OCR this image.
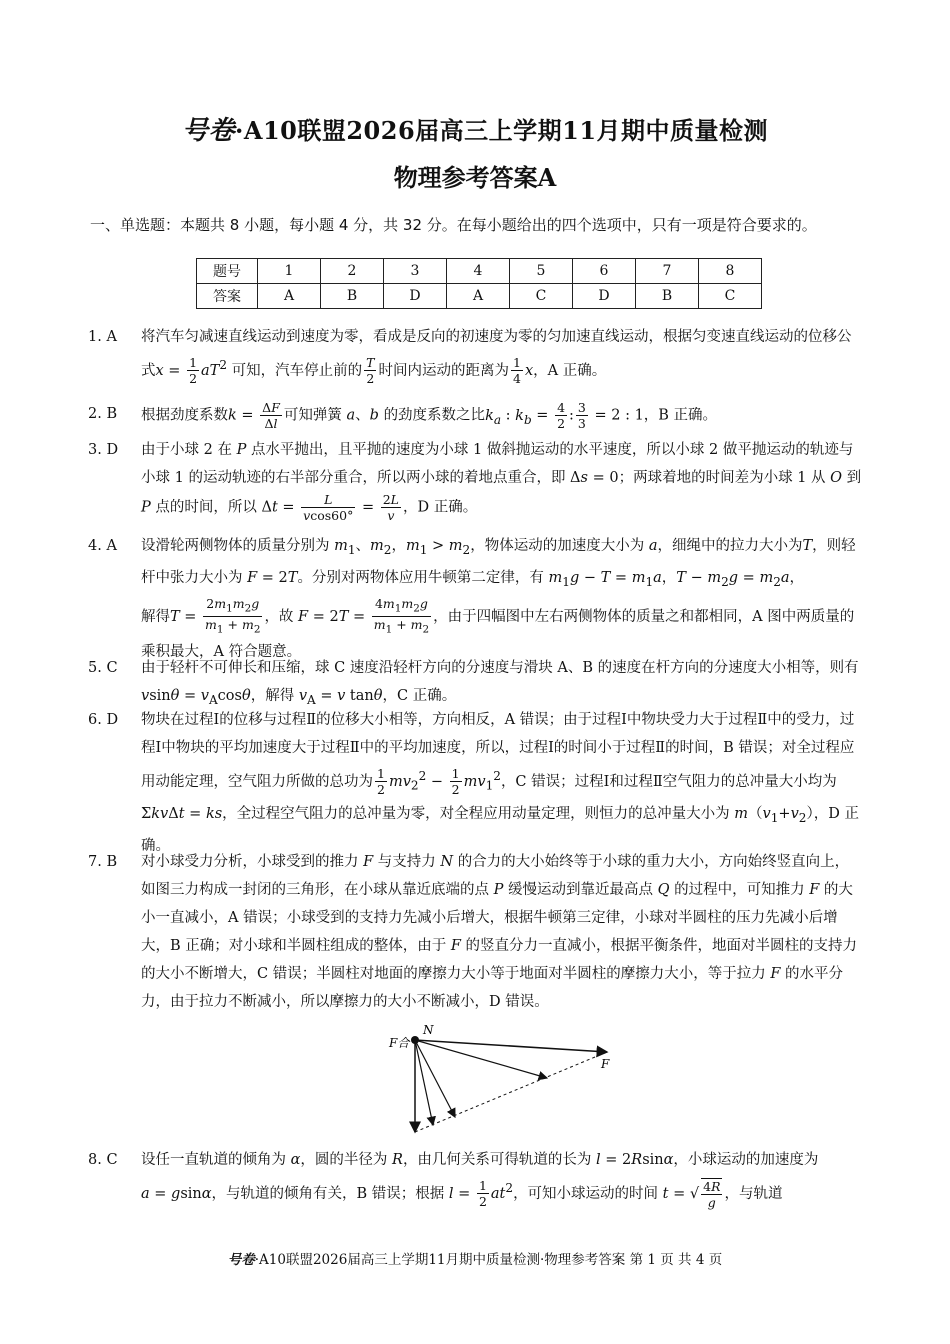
号卷·A10联盟2026届高三上学期11月期中质量检测
物理参考答案A
一、单选题：本题共 8 小题，每小题 4 分，共 32 分。在每小题给出的四个选项中，只有一项是符合要求的。
题号	1	2	3	4	5	6	7	8
答案	A	B	D	A	C	D	B	C
1. A	将汽车匀减速直线运动到速度为零，看成是反向的初速度为零的匀加速直线运动，根据匀变速直线运动的位移公式$x = \frac{1}{2} aT^2$ 可知，汽车停止前的 $\frac{T}{2}$ 时间内运动的距离为 $\frac{1}{4}$ x，A 正确。
2. B	根据劲度系数$k = \frac{\Delta F}{\Delta l}$ 可知弹簧 a、b 的劲度系数之比$k_a$ : $k_b = \frac{4}{2}$ : $\frac{3}{3} = 2$ : 1，B 正确。
3. D	由于小球 2 在 P 点水平抛出，且平抛的速度为小球 1 做斜抛运动的水平速度，所以小球 2 做平抛运动的轨迹与小球 1 的运动轨迹的右半部分重合，所以两小球的着地点重合，即 Δs = 0；两球着地的时间差为小球 1 从 O 到 P 点的时间，所以 $\Delta t = \frac{L}{vcos60^\circ} = \frac{2L}{v}$ ，D 正确。
4. A	设滑轮两侧物体的质量分别为 $m_1$、$m_2$，$m_1 > m_2$，物体运动的加速度大小为 a，细绳中的拉力大小为T，则轻杆中张力大小为 F = 2T。分别对两物体应用牛顿第二定律，有 $m_1g - T = m_1a$，$T - m_2g = m_2a$，
解得$T = \frac{2m_1m_2g}{m_1 + m_2}$ ，故 $F = 2T = \frac{4m_1m_2g}{m_1 + m_2}$ ，由于四幅图中左右两侧物体的质量之和都相同，A 图中两质量的乘积最大，A 符合题意。
5. C	由于轻杆不可伸长和压缩，球 C 速度沿轻杆方向的分速度与滑块 A、B 的速度在杆方向的分速度大小相等，则有 $vsin\theta = v_A\cos\theta$，解得 $v_A = v$ tanθ，C 正确。
6. D	物块在过程Ⅰ的位移与过程Ⅱ的位移大小相等，方向相反，A 错误；由于过程Ⅰ中物块受力大于过程Ⅱ中的受力，过程Ⅰ中物块的平均加速度大于过程Ⅱ中的平均加速度，所以，过程Ⅰ的时间小于过程Ⅱ的时间，B 错误；对全过程应用动能定理，空气阻力所做的总功为 $\frac{1}{2} mv_2^2 - \frac{1}{2} mv_1^2$，C 错误；过程Ⅰ和过程Ⅱ空气阻力的总冲量大小均为 ΣkvΔt = ks，全过程空气阻力的总冲量为零，对全程应用动量定理，则恒力的总冲量大小为 $m(v_1+v_2)$，D 正确。
7. B	对小球受力分析，小球受到的推力 F 与支持力 N 的合力的大小始终等于小球的重力大小，方向始终竖直向上，如图三力构成一封闭的三角形，在小球从靠近底端的点 P 缓慢运动到靠近最高点 Q 的过程中，可知推力 F 的大小一直减小，A 错误；小球受到的支持力先减小后增大，根据牛顿第三定律，小球对半圆柱的压力先减小后增大，B 正确；对小球和半圆柱组成的整体，由于 F 的竖直分力一直减小，根据平衡条件，地面对半圆柱的支持力的大小不断增大，C 错误；半圆柱对地面的摩擦力大小等于地面对半圆柱的摩擦力大小，等于拉力 F 的水平分力，由于拉力不断减小，所以摩擦力的大小不断减小，D 错误。
N
F合
F
8. C	设任一直轨道的倾角为 α，圆的半径为 R，由几何关系可得轨道的长为 l = 2Rsinα，小球运动的加速度为
a = gsinα，与轨道的倾角有关，B 错误；根据 $l = \frac{1}{2} at^2$，可知小球运动的时间 t = √ $\frac{4R}{g}$ ，与轨道
号卷·A10联盟2026届高三上学期11月期中质量检测·物理参考答案 第 1 页 共 4 页
